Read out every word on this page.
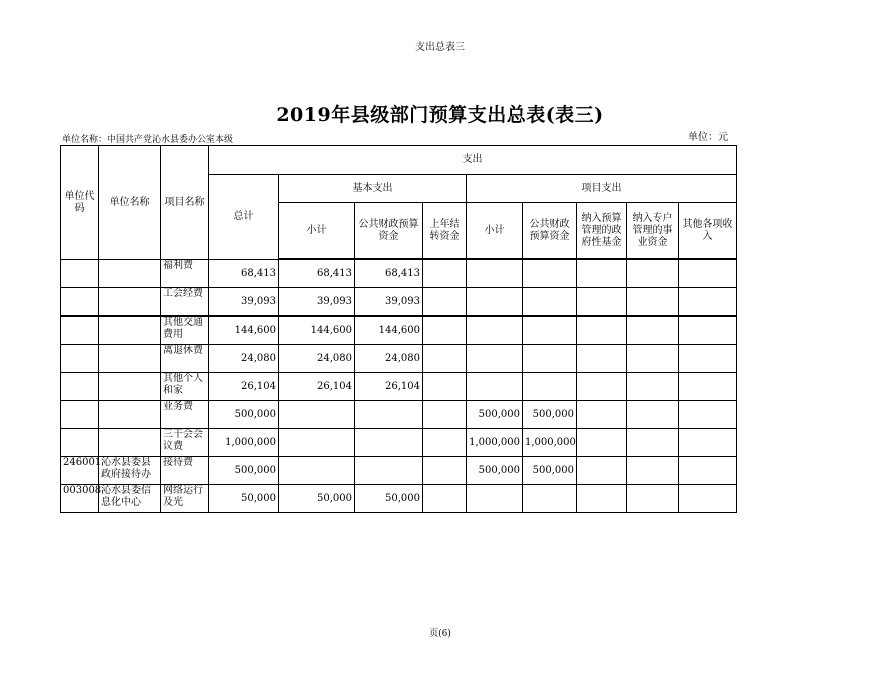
支出总表三
2019年县级部门预算支出总表(表三)
单位名称：中国共产党沁水县委办公室本级	单位：元
单位代码	单位名称	项目名称	支出								
			总计	基本支出			项目支出				
				小计	公共财政预算资金	上年结转资金	小计	公共财政预算资金	纳入预算管理的政府性基金	纳入专户管理的事业资金	其他各项收入

		福利费	68,413	68,413	68,413						

		工会经费	39,093	39,093	39,093						

		其他交通费用	144,600	144,600	144,600						

		离退休费	24,080	24,080	24,080						

		其他个人和家	26,104	26,104	26,104						

		业务费	500,000				500,000	500,000			

		三干会会议费	1,000,000				1,000,000	1,000,000			

246001	沁水县委县政府接待办	接待费	500,000				500,000	500,000			

003008	沁水县委信息化中心	网络运行及光	50,000	50,000	50,000						

页(6)
